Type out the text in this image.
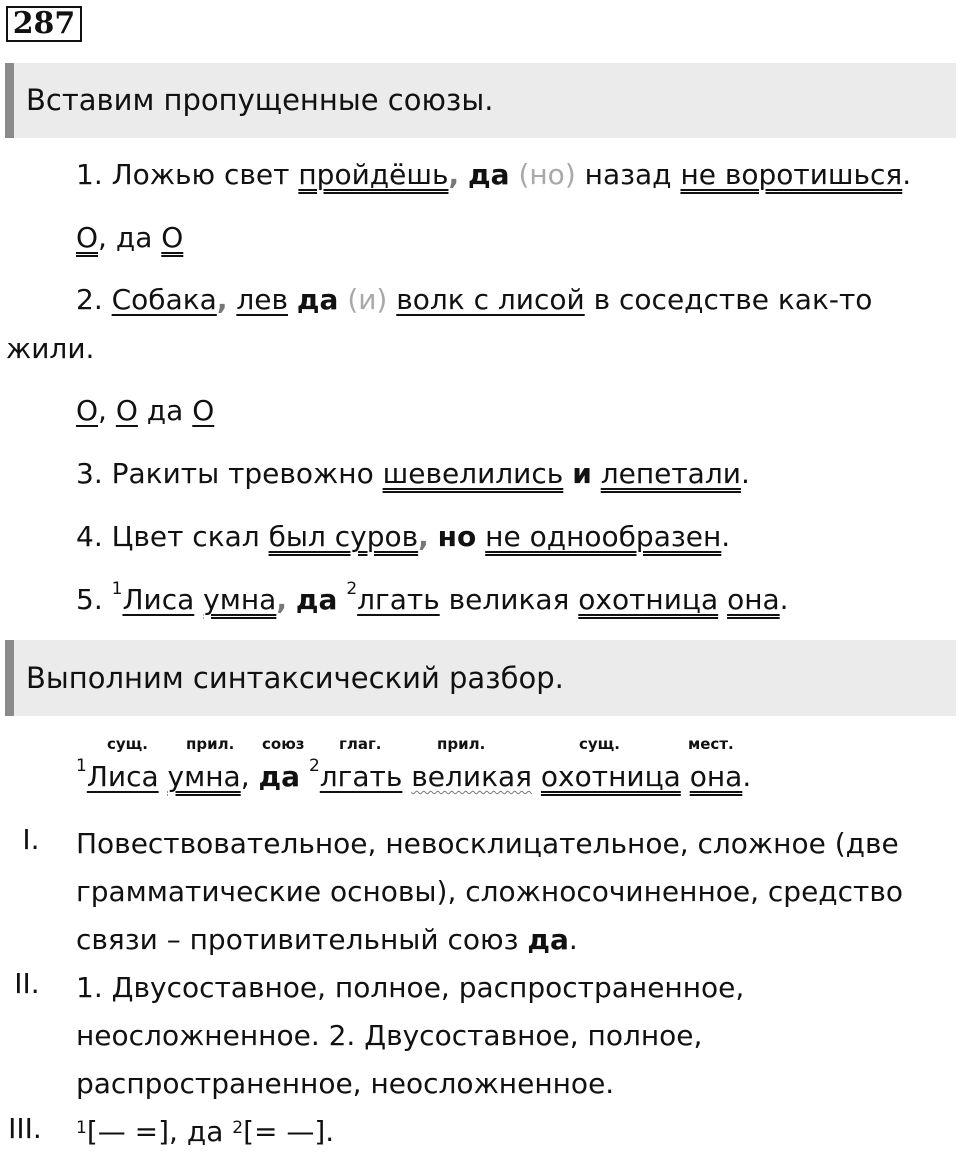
287
Вставим пропущенные союзы.
1. Ложью свет пройдёшь, да (но) назад не воротишься.
О, да О
2. Собака, лев да (и) волк с лисой в соседстве как-то
жили.
О, О да О
3. Ракиты тревожно шевелились и лепетали.
4. Цвет скал был суров, но не однообразен.
5. $^1$Лиса умна, да $^2$лгать великая охотница она.
Выполним синтаксический разбор.
сущ.	прил. союз глаг.	прил.	сущ.	мест.
$^1$Лиса умна, да $^2$лгать великая охотница она.
I.	Повествовательное, невосклицательное, сложное (две грамматические основы), сложносочиненное, средство связи – противительный союз да.
II.	1. Двусоставное, полное, распространенное, неосложненное. 2. Двусоставное, полное, распространенное, неосложненное.
III.	$^1$[— =], да $^2$[= —].
